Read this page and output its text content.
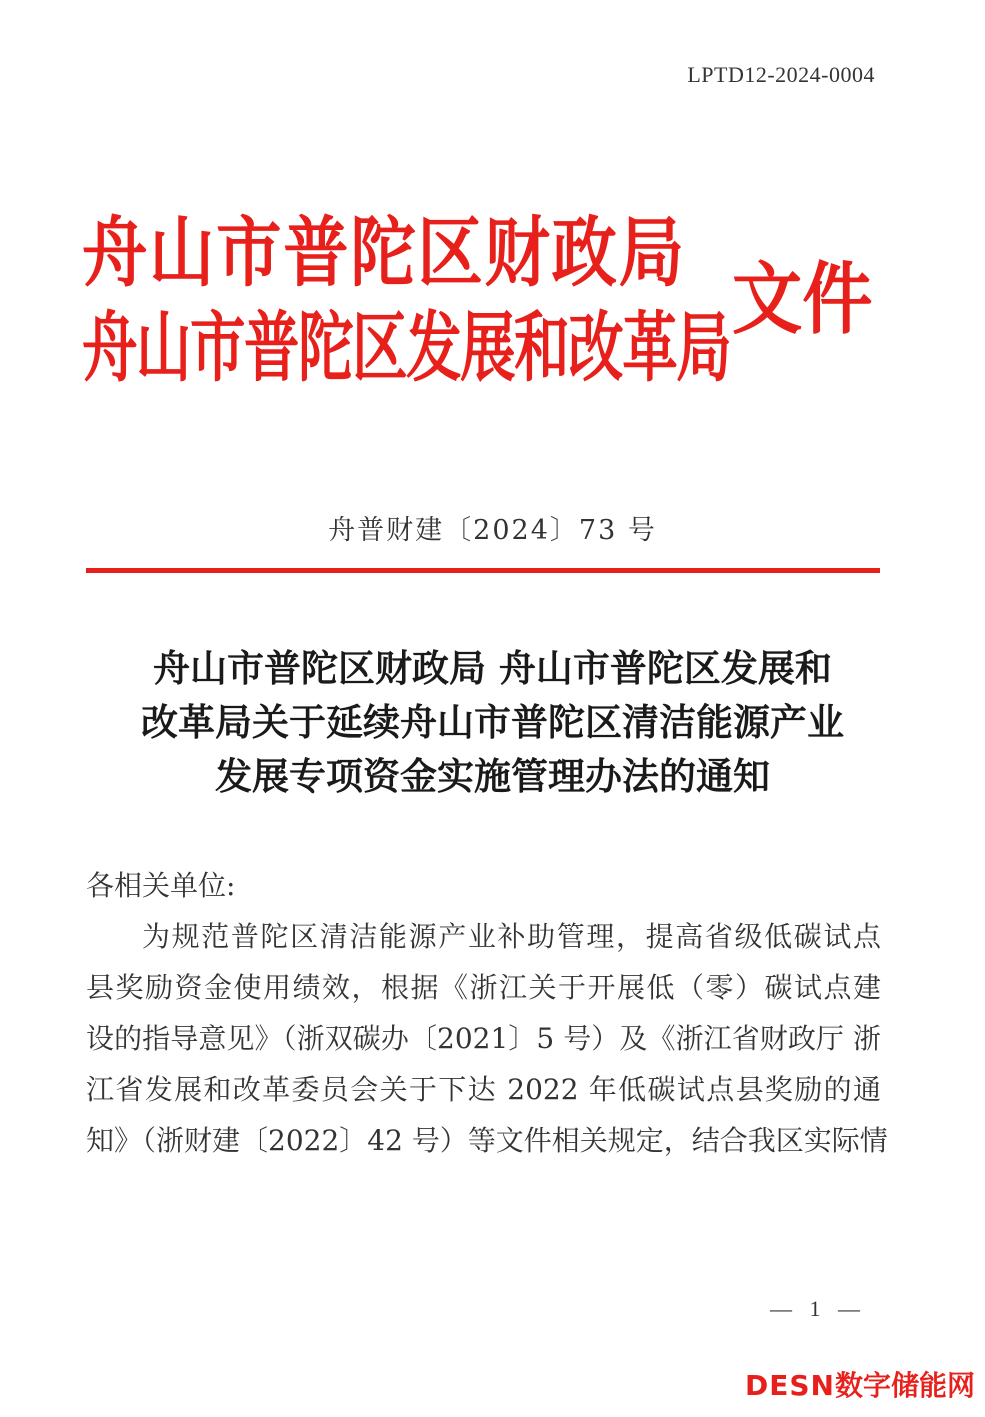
LPTD12-2024-0004
舟山市普陀区财政局
舟山市普陀区发展和改革局
文件
舟普财建〔2024〕73 号
舟山市普陀区财政局 舟山市普陀区发展和
改革局关于延续舟山市普陀区清洁能源产业
发展专项资金实施管理办法的通知
各相关单位:
为规范普陀区清洁能源产业补助管理，提高省级低碳试点
县奖励资金使用绩效，根据《浙江关于开展低（零）碳试点建
设的指导意见》（浙双碳办〔2021〕5 号）及《浙江省财政厅 浙
江省发展和改革委员会关于下达 2022 年低碳试点县奖励的通
知》（浙财建〔2022〕42 号）等文件相关规定，结合我区实际情
— 1 —
DESN数字储能网
